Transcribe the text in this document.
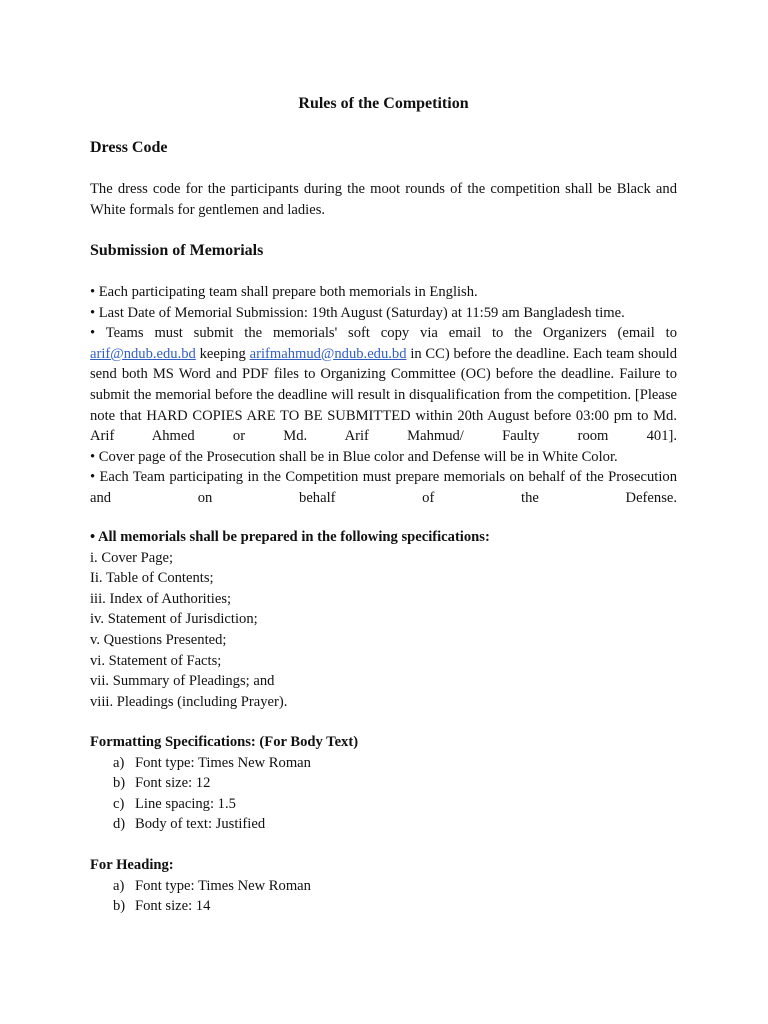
Rules of the Competition
Dress Code

The dress code for the participants during the moot rounds of the competition shall be Black and White formals for gentlemen and ladies.

Submission of Memorials
• Each participating team shall prepare both memorials in English.
• Last Date of Memorial Submission: 19th August (Saturday) at 11:59 am Bangladesh time.
• Teams must submit the memorials' soft copy via email to the Organizers (email to arif@ndub.edu.bd keeping arifmahmud@ndub.edu.bd in CC) before the deadline. Each team should send both MS Word and PDF files to Organizing Committee (OC) before the deadline. Failure to submit the memorial before the deadline will result in disqualification from the competition. [Please note that HARD COPIES ARE TO BE SUBMITTED within 20th August before 03:00 pm to Md. Arif Ahmed or Md. Arif Mahmud/ Faulty room 401].
• Cover page of the Prosecution shall be in Blue color and Defense will be in White Color.
• Each Team participating in the Competition must prepare memorials on behalf of the Prosecution and on behalf of the Defense.
• All memorials shall be prepared in the following specifications:
i. Cover Page;
Ii. Table of Contents;
iii. Index of Authorities;
iv. Statement of Jurisdiction;
v. Questions Presented;
vi. Statement of Facts;
vii. Summary of Pleadings; and
viii. Pleadings (including Prayer).
Formatting Specifications: (For Body Text)
a) Font type: Times New Roman
b) Font size: 12
c) Line spacing: 1.5
d) Body of text: Justified
For Heading:
a) Font type: Times New Roman
b) Font size: 14
